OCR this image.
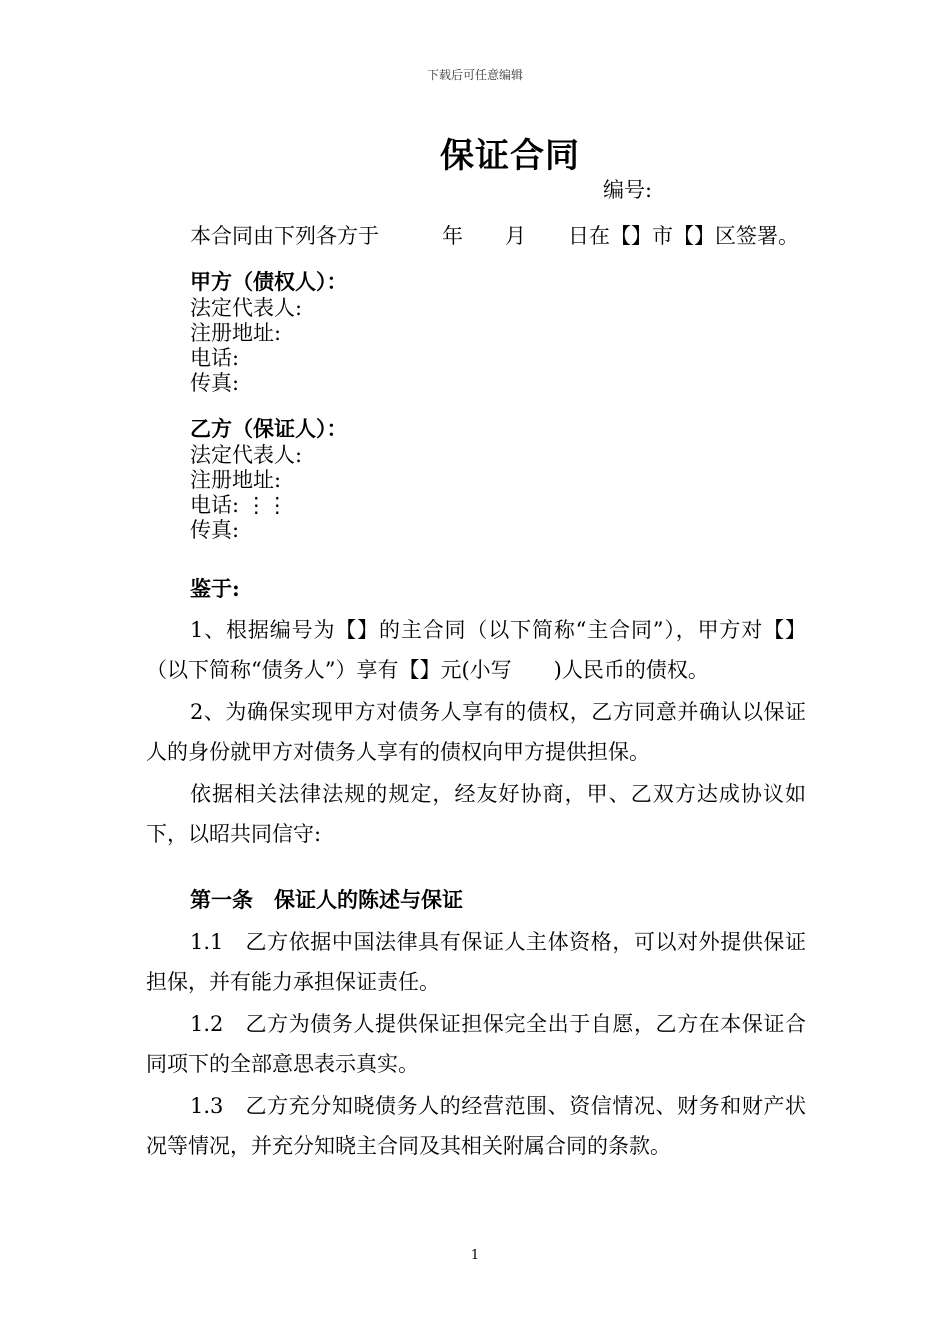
下载后可任意编辑
保证合同
编号:
本合同由下列各方于　　　年　　月　　日在【】市【】区签署。
甲方（债权人）：
法定代表人:
注册地址:
电话:
传真:
乙方（保证人）：
法定代表人:
注册地址:
电话: ⋮⋮
传真:
鉴于:
1、根据编号为【】的主合同（以下简称“主合同”），甲方对【】（以下简称“债务人”）享有【】元(小写　　)人民币的债权。
2、为确保实现甲方对债务人享有的债权，乙方同意并确认以保证人的身份就甲方对债务人享有的债权向甲方提供担保。
依据相关法律法规的规定，经友好协商，甲、乙双方达成协议如下，以昭共同信守:
第一条　保证人的陈述与保证
1.1　乙方依据中国法律具有保证人主体资格，可以对外提供保证担保，并有能力承担保证责任。
1.2　乙方为债务人提供保证担保完全出于自愿，乙方在本保证合同项下的全部意思表示真实。
1.3　乙方充分知晓债务人的经营范围、资信情况、财务和财产状况等情况，并充分知晓主合同及其相关附属合同的条款。
1
